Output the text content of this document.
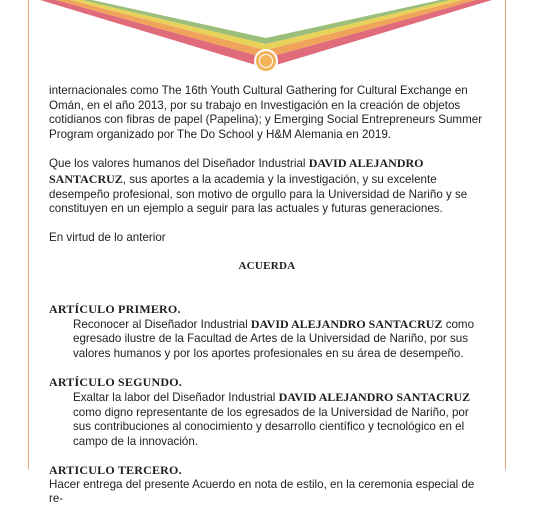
internacionales como The 16th Youth Cultural Gathering for Cultural Exchange en Omán, en el año 2013, por su trabajo en Investigación en la creación de objetos cotidianos con fibras de papel (Papelina); y Emerging Social Entrepreneurs Summer Program organizado por The Do School y H&M Alemania en 2019.

Que los valores humanos del Diseñador Industrial DAVID ALEJANDRO SANTACRUZ, sus aportes a la academia y la investigación, y su excelente desempeño profesional, son motivo de orgullo para la Universidad de Nariño y se constituyen en un ejemplo a seguir para las actuales y futuras generaciones.

En virtud de lo anterior

ACUERDA

ARTÍCULO PRIMERO.

Reconocer al Diseñador Industrial DAVID ALEJANDRO SANTACRUZ como egresado ilustre de la Facultad de Artes de la Universidad de Nariño, por sus valores humanos y por los aportes profesionales en su área de desempeño.

ARTÍCULO SEGUNDO.

Exaltar la labor del Diseñador Industrial DAVID ALEJANDRO SANTACRUZ como digno representante de los egresados de la Universidad de Nariño, por sus contribuciones al conocimiento y desarrollo científico y tecnológico en el campo de la innovación.

ARTICULO TERCERO.

Hacer entrega del presente Acuerdo en nota de estilo, en la ceremonia especial de re-
